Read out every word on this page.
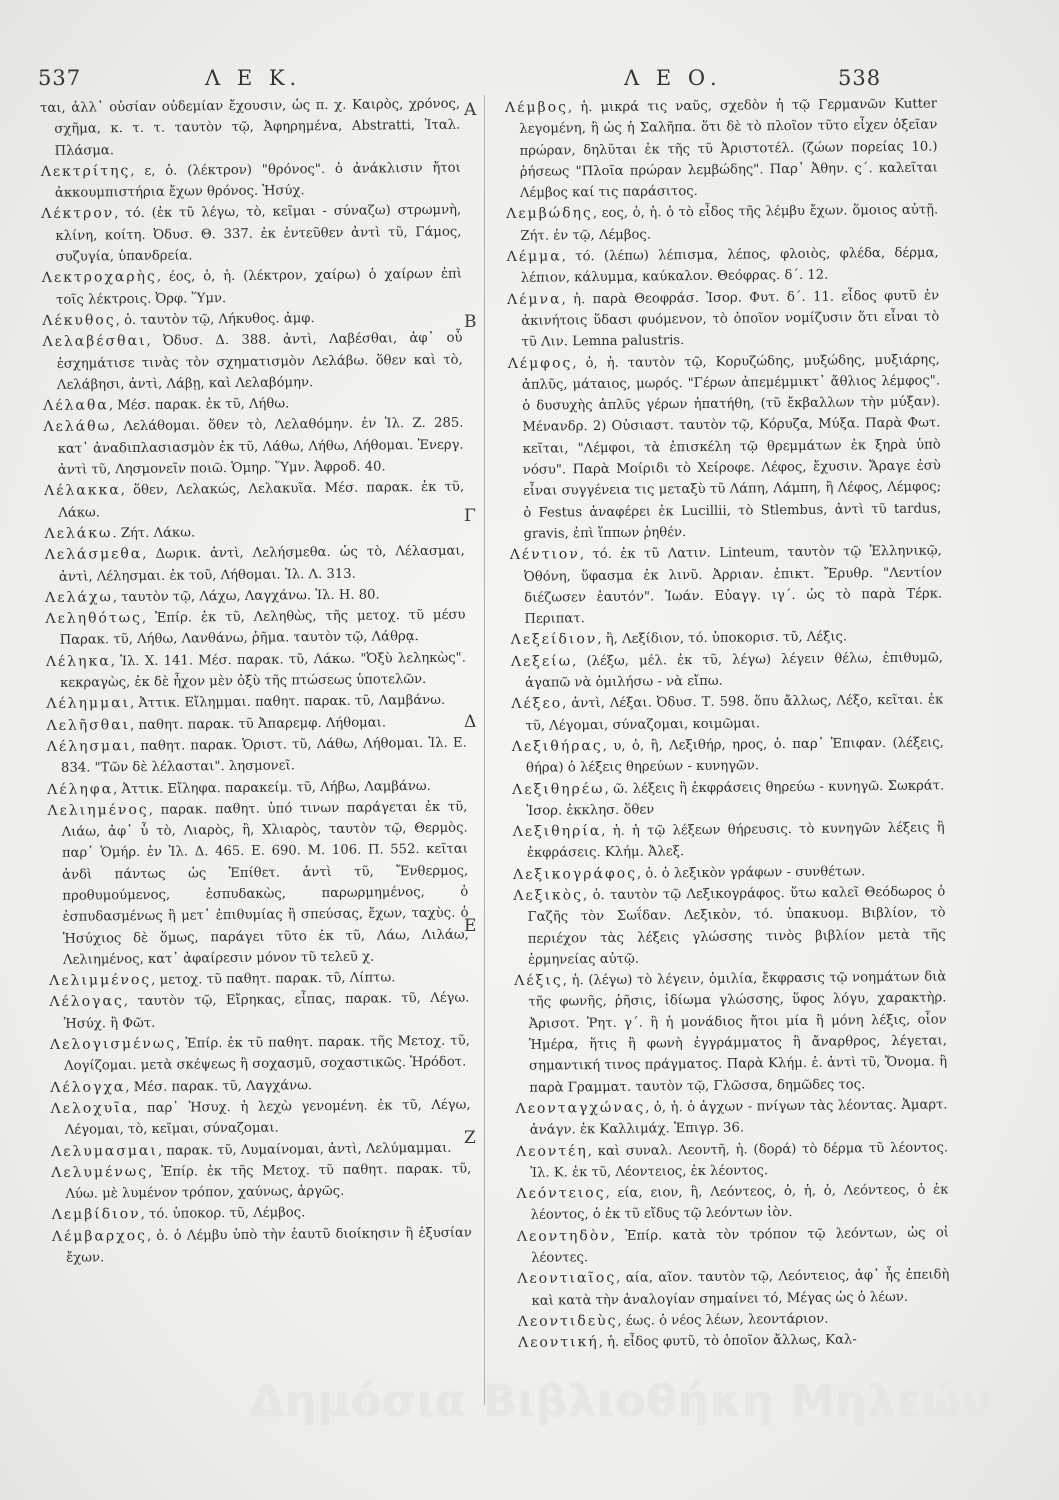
537	Λ Ε Κ.	Λ Ε Ο.	538

ται, ἀλλ᾽ οὐσίαν οὐδεμίαν ἔχουσιν, ὡς π. χ. Καιρὸς, χρόνος, σχῆμα, κ. τ. τ. ταυτὸν τῷ, Ἀφηρημένα, Abstratti, Ἰταλ. Πλάσμα.

Λεκτρίτης, ε, ὁ. (λέκτρον) "θρόνος". ὁ ἀνάκλισιν ἤτοι ἀκκουμπιστήρια ἔχων θρόνος. Ἡσύχ.

Λέκτρον, τό. (ἐκ τῦ λέγω, τὸ, κεῖμαι - σύναζω) στρωμνὴ, κλίνη, κοίτη. Ὀδυσ. Θ. 337. ἐκ ἐντεῦθεν ἀντὶ τῦ, Γάμος, συζυγία, ὑπανδρεία.

Λεκτροχαρὴς, έος, ὁ, ἡ. (λέκτρον, χαίρω) ὁ χαίρων ἐπὶ τοῖς λέκτροις. Ὀρφ. Ὕμν.

Λέκυθος, ὁ. ταυτὸν τῷ, Λήκυθος. ἀμφ.

Λελαβέσθαι, Ὀδυσ. Δ. 388. ἀντὶ, Λαβέσθαι, ἀφ᾽ οὗ ἐσχημάτισε τινὰς τὸν σχηματισμὸν Λελάβω. ὅθεν καὶ τὸ, Λελάβησι, ἀντὶ, Λάβῃ, καὶ Λελαβόμην.

Λέλαθα, Μέσ. παρακ. ἐκ τῦ, Λήθω.

Λελάθω, Λελάθομαι. ὅθεν τὸ, Λελαθόμην. ἐν Ἰλ. Ζ. 285. κατ᾽ ἀναδιπλασιασμὸν ἐκ τῦ, Λάθω, Λήθω, Λήθομαι. Ἐνεργ. ἀντὶ τῦ, Λησμονεῖν ποιῶ. Ὁμηρ. Ὕμν. Ἀφροδ. 40.

Λέλακκα, ὅθεν, Λελακώς, Λελακυῖα. Μέσ. παρακ. ἐκ τῦ, Λάκω.

Λελάκω. Ζήτ. Λάκω.

Λελάσμεθα, Δωρικ. ἀντὶ, Λελήσμεθα. ὡς τὸ, Λέλασμαι, ἀντὶ, Λέλησμαι. ἐκ τοῦ, Λήθομαι. Ἰλ. Λ. 313.

Λελάχω, ταυτὸν τῷ, Λάχω, Λαγχάνω. Ἰλ. Η. 80.

Λεληθότως, Ἐπίρ. ἐκ τῦ, Λεληθὼς, τῆς μετοχ. τῦ μέσυ Παρακ. τῦ, Λήθω, Λανθάνω, ῥῆμα. ταυτὸν τῷ, Λάθρᾳ.

Λέληκα, Ἰλ. Χ. 141. Μέσ. παρακ. τῦ, Λάκω. "Ὀξὺ λεληκὼς". κεκραγὼς, ἐκ δὲ ἦχον μὲν ὀξὺ τῆς πτώσεως ὑποτελῶν.

Λέλημμαι, Ἀττικ. Εἴλημμαι. παθητ. παρακ. τῦ, Λαμβάνω.

Λελῆσθαι, παθητ. παρακ. τῦ Ἀπαρεμφ. Λήθομαι.

Λέλησμαι, παθητ. παρακ. Ὁριστ. τῦ, Λάθω, Λήθομαι. Ἰλ. Ε. 834. "Τῶν δὲ λέλασται". λησμονεῖ.

Λέληφα, Ἀττικ. Εἴληφα. παρακείμ. τῦ, Λήβω, Λαμβάνω.

Λελιημένος, παρακ. παθητ. ὑπό τινων παράγεται ἐκ τῦ, Λιάω, ἀφ᾽ ὗ τὸ, Λιαρὸς, ἢ, Χλιαρὸς, ταυτὸν τῷ, Θερμὸς. παρ᾽ Ὁμήρ. ἐν Ἰλ. Δ. 465. Ε. 690. Μ. 106. Π. 552. κεῖται ἀνδὶ πάντως ὡς Ἐπίθετ. ἀντὶ τῦ, Ἔνθερμος, προθυμούμενος, ἐσπυδακὼς, παρωρμημένος, ὁ ἐσπυδασμένως ἢ μετ᾽ ἐπιθυμίας ἢ σπεύσας, ἔχων, ταχὺς. ὁ Ἡσύχιος δὲ ὅμως, παράγει τῦτο ἐκ τῦ, Λάω, Λιλάω, Λελιημένος, κατ᾽ ἀφαίρεσιν μόνον τῦ τελεῦ χ.

Λελιμμένος, μετοχ. τῦ παθητ. παρακ. τῦ, Λίπτω.

Λέλογας, ταυτὸν τῷ, Εἴρηκας, εἶπας, παρακ. τῦ, Λέγω. Ἡσύχ. ἢ Φῶτ.

Λελογισμένως, Ἐπίρ. ἐκ τῦ παθητ. παρακ. τῆς Μετοχ. τῦ, Λογίζομαι. μετὰ σκέψεως ἢ σοχασμῦ, σοχαστικῶς. Ἡρόδοτ.

Λέλογχα, Μέσ. παρακ. τῦ, Λαγχάνω.

Λελοχυῖα, παρ᾽ Ἡσυχ. ἡ λεχὼ γενομένη. ἐκ τῦ, Λέγω, Λέγομαι, τὸ, κεῖμαι, σύναζομαι.

Λελυμασμαι, παρακ. τῦ, Λυμαίνομαι, ἀντὶ, Λελύμαμμαι.

Λελυμένως, Ἐπίρ. ἐκ τῆς Μετοχ. τῦ παθητ. παρακ. τῦ, Λύω. μὲ λυμένον τρόπον, χαύνως, ἀργῶς.

Λεμβίδιον, τό. ὑποκορ. τῦ, Λέμβος.

Λέμβαρχος, ὁ. ὁ Λέμβυ ὑπὸ τὴν ἑαυτῦ διοίκησιν ἢ ἐξυσίαν ἔχων.

Λέμβος, ἡ. μικρά τις ναῦς, σχεδὸν ἡ τῷ Γερμανῶν Kutter λεγομένη, ἢ ὡς ἡ Σαλῆπα. ὅτι δὲ τὸ πλοῖον τῦτο εἶχεν ὀξεῖαν πρώραν, δηλῦται ἐκ τῆς τῦ Ἀριστοτέλ. (ζώων πορείας 10.) ῥήσεως "Πλοῖα πρώραν λεμβώδης". Παρ᾽ Ἀθην. ς΄. καλεῖται Λέμβος καί τις παράσιτος.

Λεμβώδης, εος, ὁ, ἡ. ὁ τὸ εἶδος τῆς λέμβυ ἔχων. ὅμοιος αὐτῇ. Ζήτ. ἐν τῷ, Λέμβος.

Λέμμα, τό. (λέπω) λέπισμα, λέπος, φλοιὸς, φλέδα, δέρμα, λέπιον, κάλυμμα, καύκαλον. Θεόφρας. δ΄. 12.

Λέμνα, ἡ. παρὰ Θεοφράσ. Ἱσορ. Φυτ. δ΄. 11. εἶδος φυτῦ ἐν ἀκινήτοις ὕδασι φυόμενον, τὸ ὁποῖον νομίζυσιν ὅτι εἶναι τὸ τῦ Λιν. Lemna palustris.

Λέμφος, ὁ, ἡ. ταυτὸν τῷ, Κορυζώδης, μυξώδης, μυξιάρης, ἀπλῦς, μάταιος, μωρός. "Γέρων ἀπεμέμμικτ᾽ ἄθλιος λέμφος". ὁ δυσυχὴς ἁπλῦς γέρων ἠπατήθη, (τῦ ἔκβαλλων τὴν μύξαν). Μένανδρ. 2) Οὐσιαστ. ταυτὸν τῷ, Κόρυζα, Μύξα. Παρὰ Φωτ. κεῖται, "Λέμφοι, τὰ ἐπισκέλη τῷ θρεμμάτων ἐκ ξηρὰ ὑπὸ νόσυ". Παρὰ Μοίριδι τὸ Χείροφε. Λέφος, ἔχυσιν. Ἄραγε ἐσὺ εἶναι συγγένεια τις μεταξὺ τῦ Λάπη, Λάμπη, ἢ Λέφος, Λέμφος; ὁ Festus ἀναφέρει ἐκ Lucillii, τὸ Stlembus, ἀντὶ τῦ tardus, gravis, ἐπὶ ἵππων ῥηθέν.

Λέντιον, τό. ἐκ τῦ Λατιν. Linteum, ταυτὸν τῷ Ἑλληνικῷ, Ὀθόνη, ὕφασμα ἐκ λινῦ. Ἀρριαν. ἐπικτ. Ἔρυθρ. "Λεντίον διέζωσεν ἑαυτόν". Ἰωάν. Εὐαγγ. ιγ΄. ὡς τὸ παρὰ Τέρκ. Περιπατ.

Λεξείδιον, ἢ, Λεξίδιον, τό. ὑποκορισ. τῦ, Λέξις.

Λεξείω, (λέξω, μέλ. ἐκ τῦ, λέγω) λέγειν θέλω, ἐπιθυμῶ, ἀγαπῶ νὰ ὁμιλήσω - νὰ εἴπω.

Λέξεο, ἀντὶ, Λέξαι. Ὀδυσ. Τ. 598. ὅπυ ἄλλως, Λέξο, κεῖται. ἐκ τῦ, Λέγομαι, σύναζομαι, κοιμῶμαι.

Λεξιθήρας, υ, ὁ, ἢ, Λεξιθήρ, ηρος, ὁ. παρ᾽ Ἐπιφαν. (λέξεις, θήρα) ὁ λέξεις θηρεύων - κυνηγῶν.

Λεξιθηρέω, ῶ. λέξεις ἢ ἐκφράσεις θηρεύω - κυνηγῶ. Σωκράτ. Ἱσορ. ἐκκλησ. ὅθεν

Λεξιθηρία, ἡ. ἡ τῷ λέξεων θήρευσις. τὸ κυνηγῶν λέξεις ἢ ἐκφράσεις. Κλήμ. Ἀλεξ.

Λεξικογράφος, ὁ. ὁ λεξικὸν γράφων - συνθέτων.

Λεξικὸς, ὁ. ταυτὸν τῷ Λεξικογράφος. ὕτω καλεῖ Θεόδωρος ὁ Γαζῆς τὸν Σωΐδαν. Λεξικὸν, τό. ὑπακυομ. Βιβλίον, τὸ περιέχον τὰς λέξεις γλώσσης τινὸς βιβλίον μετὰ τῆς ἑρμηνείας αὐτῷ.

Λέξις, ἡ. (λέγω) τὸ λέγειν, ὁμιλία, ἔκφρασις τῷ νοημάτων διὰ τῆς φωνῆς, ῥῆσις, ἰδίωμα γλώσσης, ὕφος λόγυ, χαρακτὴρ. Ἀρισοτ. Ῥητ. γ΄. ἢ ἡ μονάδιος ἤτοι μία ἢ μόνη λέξις, οἷον Ἡμέρα, ἥτις ἢ φωνὴ ἐγγράμματος ἢ ἄναρθρος, λέγεται, σημαντική τινος πράγματος. Παρὰ Κλήμ. ἐ. ἀντὶ τῦ, Ὄνομα. ἢ παρὰ Γραμματ. ταυτὸν τῷ, Γλῶσσα, δημῶδες τος.

Λεονταγχώνας, ὁ, ἡ. ὁ ἀγχων - πνίγων τὰς λέοντας. Ἀμαρτ. ἀνάγν. ἐκ Καλλιμάχ. Ἐπιγρ. 36.

Λεοντέη, καὶ συναλ. Λεοντῆ, ἡ. (δορά) τὸ δέρμα τῦ λέοντος. Ἰλ. Κ. ἐκ τῦ, Λέοντειος, ἐκ λέοντος.

Λεόντειος, εία, ειον, ἢ, Λεόντεος, ὁ, ἡ, ὁ, Λεόντεος, ὁ ἐκ λέοντος, ὁ ἐκ τῦ εἴδυς τῷ λεόντων ἰὸν.

Λεοντηδὸν, Ἐπίρ. κατὰ τὸν τρόπον τῷ λεόντων, ὡς οἱ λέοντες.

Λεοντιαῖος, αία, αῖον. ταυτὸν τῷ, Λεόντειος, ἀφ᾽ ἧς ἐπειδὴ καὶ κατὰ τὴν ἀναλογίαν σημαίνει τό, Μέγας ὡς ὁ λέων.

Λεοντιδεὺς, έως. ὁ νέος λέων, λεοντάριον.

Λεοντική, ἡ. εἶδος φυτῦ, τὸ ὁποῖον ἄλλως, Καλ-

Α
Β
Γ
Δ
Ε
Ζ
Δημόσια Βιβλιοθήκη Μηλεών
